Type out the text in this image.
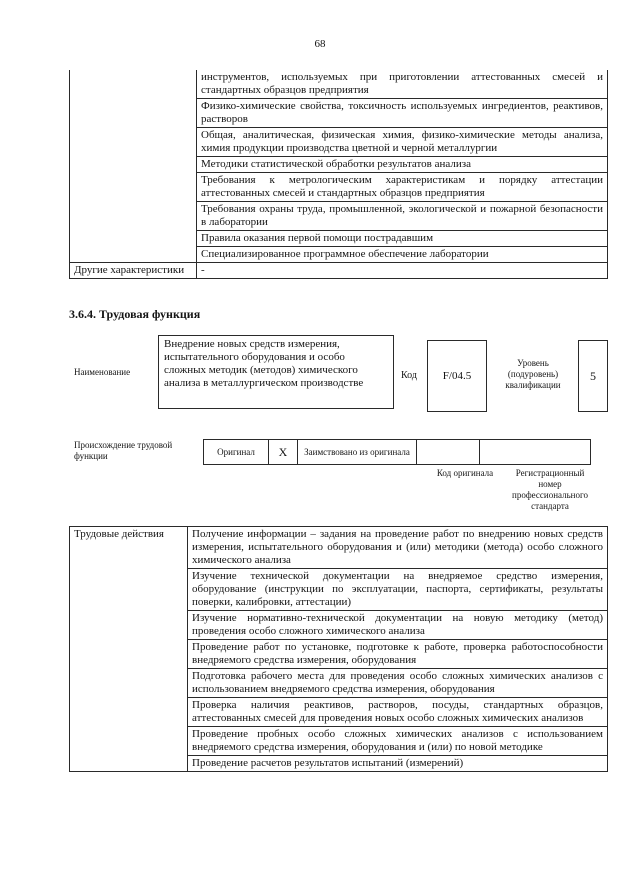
68
	инструментов, используемых при приготовлении аттестованных смесей и стандартных образцов предприятия
	Физико-химические свойства, токсичность используемых ингредиентов, реактивов, растворов
	Общая, аналитическая, физическая химия, физико-химические методы анализа, химия продукции производства цветной и черной металлургии
	Методики статистической обработки результатов анализа
	Требования к метрологическим характеристикам и порядку аттестации аттестованных смесей и стандартных образцов предприятия
	Требования охраны труда, промышленной, экологической и пожарной безопасности в лаборатории
	Правила оказания первой помощи пострадавшим
	Специализированное программное обеспечение лаборатории
Другие характеристики	-
3.6.4. Трудовая функция
Наименование
Внедрение новых средств измерения, испытательного оборудования и особо сложных методик (методов) химического анализа в металлургическом производстве
Код F/04.5
Уровень (подуровень) квалификации
5
Происхождение трудовой функции	Оригинал	X	Заимствовано из оригинала		
Код оригинала	Регистрационный номер профессионального стандарта
Трудовые действия	Получение информации – задания на проведение работ по внедрению новых средств измерения, испытательного оборудования и (или) методики (метода) особо сложного химического анализа
Изучение технической документации на внедряемое средство измерения, оборудование (инструкции по эксплуатации, паспорта, сертификаты, результаты поверки, калибровки, аттестации)
Изучение нормативно-технической документации на новую методику (метод) проведения особо сложного химического анализа
Проведение работ по установке, подготовке к работе, проверка работоспособности внедряемого средства измерения, оборудования
Подготовка рабочего места для проведения особо сложных химических анализов с использованием внедряемого средства измерения, оборудования
Проверка наличия реактивов, растворов, посуды, стандартных образцов, аттестованных смесей для проведения новых особо сложных химических анализов
Проведение пробных особо сложных химических анализов с использованием внедряемого средства измерения, оборудования и (или) по новой методике
Проведение расчетов результатов испытаний (измерений)
